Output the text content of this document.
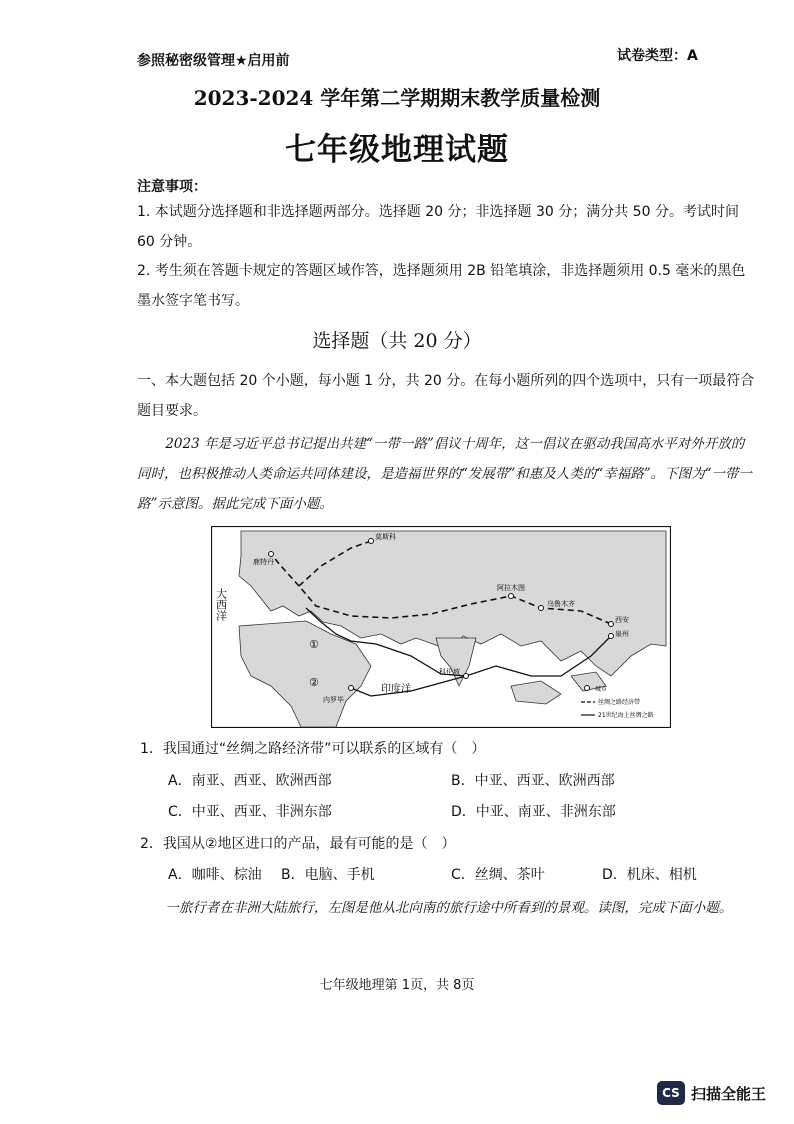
参照秘密级管理★启用前	试卷类型：A
2023-2024 学年第二学期期末教学质量检测
七年级地理试题
注意事项：
1. 本试题分选择题和非选择题两部分。选择题 20 分；非选择题 30 分；满分共 50 分。考试时间 60 分钟。
2. 考生须在答题卡规定的答题区域作答，选择题须用 2B 铅笔填涂，非选择题须用 0.5 毫米的黑色墨水签字笔书写。
选择题（共 20 分）
一、本大题包括 20 个小题，每小题 1 分，共 20 分。在每小题所列的四个选项中，只有一项最符合题目要求。
2023 年是习近平总书记提出共建“一带一路”倡议十周年，这一倡议在驱动我国高水平对外开放的同时，也积极推动人类命运共同体建设，是造福世界的“发展带”和惠及人类的“幸福路”。下图为“一带一路”示意图。据此完成下面小题。
莫斯科
鹿特丹
大西洋	阿拉木图
乌鲁木齐
西安
泉州
科伦坡
内罗毕
印度洋
①
②
城市
丝绸之路经济带
21世纪海上丝绸之路
1．我国通过“丝绸之路经济带”可以联系的区域有（　）
A．南亚、西亚、欧洲西部	B．中亚、西亚、欧洲西部
C．中亚、西亚、非洲东部	D．中亚、南亚、非洲东部
2．我国从②地区进口的产品，最有可能的是（　）
A．咖啡、棕油 B．电脑、手机	C．丝绸、茶叶	D．机床、相机
一旅行者在非洲大陆旅行，左图是他从北向南的旅行途中所看到的景观。读图，完成下面小题。
七年级地理第 1页，共 8页
CS 扫描全能王
